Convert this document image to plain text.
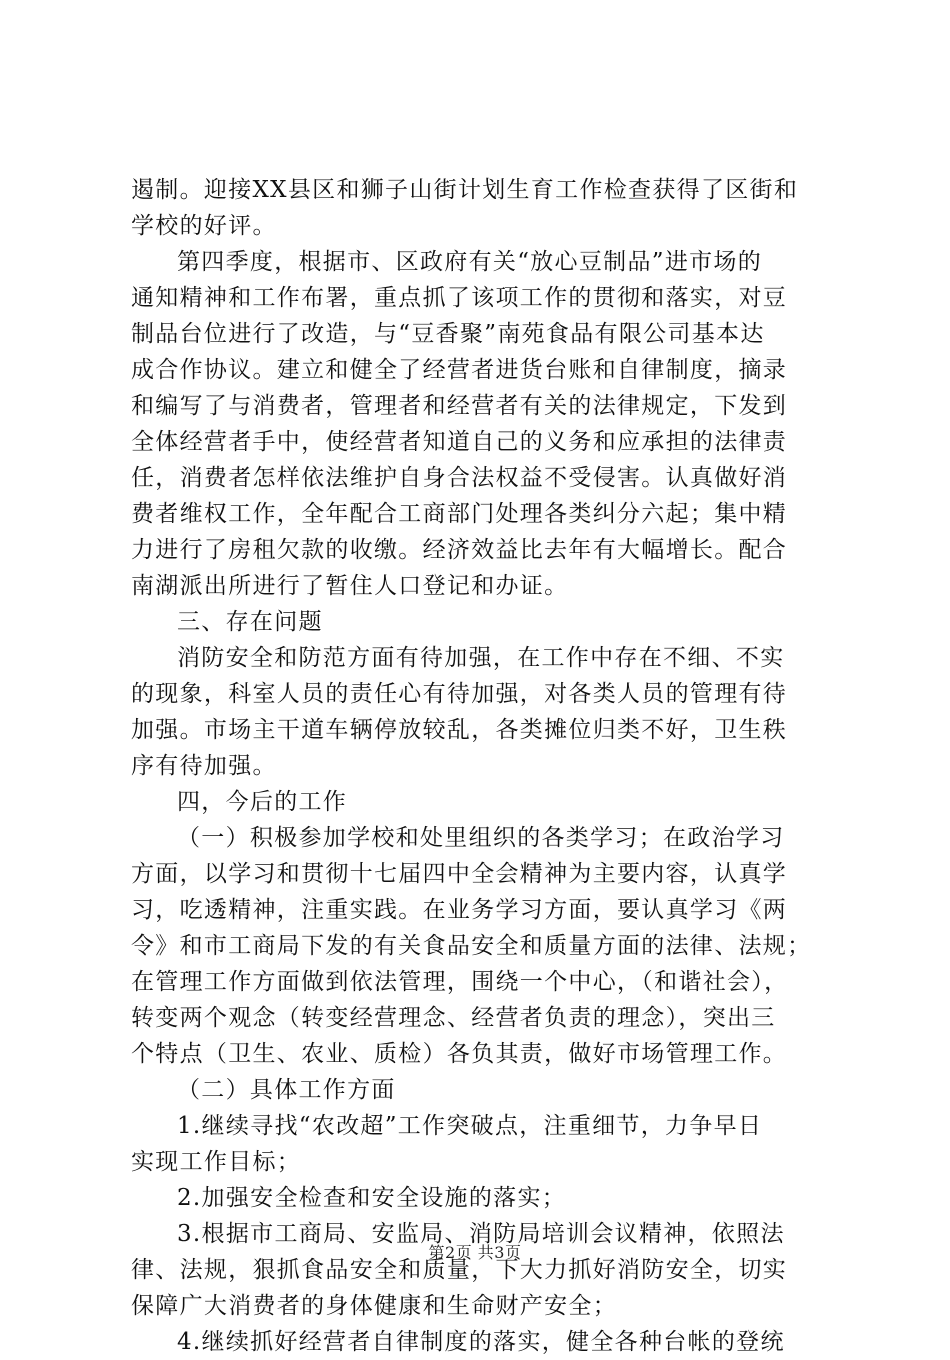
遏制。迎接XX县区和狮子山街计划生育工作检查获得了区街和
学校的好评。
第四季度，根据市、区政府有关“放心豆制品”进市场的
通知精神和工作布署，重点抓了该项工作的贯彻和落实，对豆
制品台位进行了改造，与“豆香聚”南苑食品有限公司基本达
成合作协议。建立和健全了经营者进货台账和自律制度，摘录
和编写了与消费者，管理者和经营者有关的法律规定，下发到
全体经营者手中，使经营者知道自己的义务和应承担的法律责
任，消费者怎样依法维护自身合法权益不受侵害。认真做好消
费者维权工作，全年配合工商部门处理各类纠分六起；集中精
力进行了房租欠款的收缴。经济效益比去年有大幅增长。配合
南湖派出所进行了暂住人口登记和办证。
三、存在问题
消防安全和防范方面有待加强，在工作中存在不细、不实
的现象，科室人员的责任心有待加强，对各类人员的管理有待
加强。市场主干道车辆停放较乱，各类摊位归类不好，卫生秩
序有待加强。
四，今后的工作
（一）积极参加学校和处里组织的各类学习；在政治学习
方面，以学习和贯彻十七届四中全会精神为主要内容，认真学
习，吃透精神，注重实践。在业务学习方面，要认真学习《两
令》和市工商局下发的有关食品安全和质量方面的法律、法规；
在管理工作方面做到依法管理，围绕一个中心，（和谐社会），
转变两个观念（转变经营理念、经营者负责的理念），突出三
个特点（卫生、农业、质检）各负其责，做好市场管理工作。
（二）具体工作方面
1.继续寻找“农改超”工作突破点，注重细节，力争早日
实现工作目标；
2.加强安全检查和安全设施的落实；
3.根据市工商局、安监局、消防局培训会议精神，依照法
律、法规，狠抓食品安全和质量，下大力抓好消防安全，切实
保障广大消费者的身体健康和生命财产安全；
4.继续抓好经营者自律制度的落实，健全各种台帐的登统
第2页 共3页
